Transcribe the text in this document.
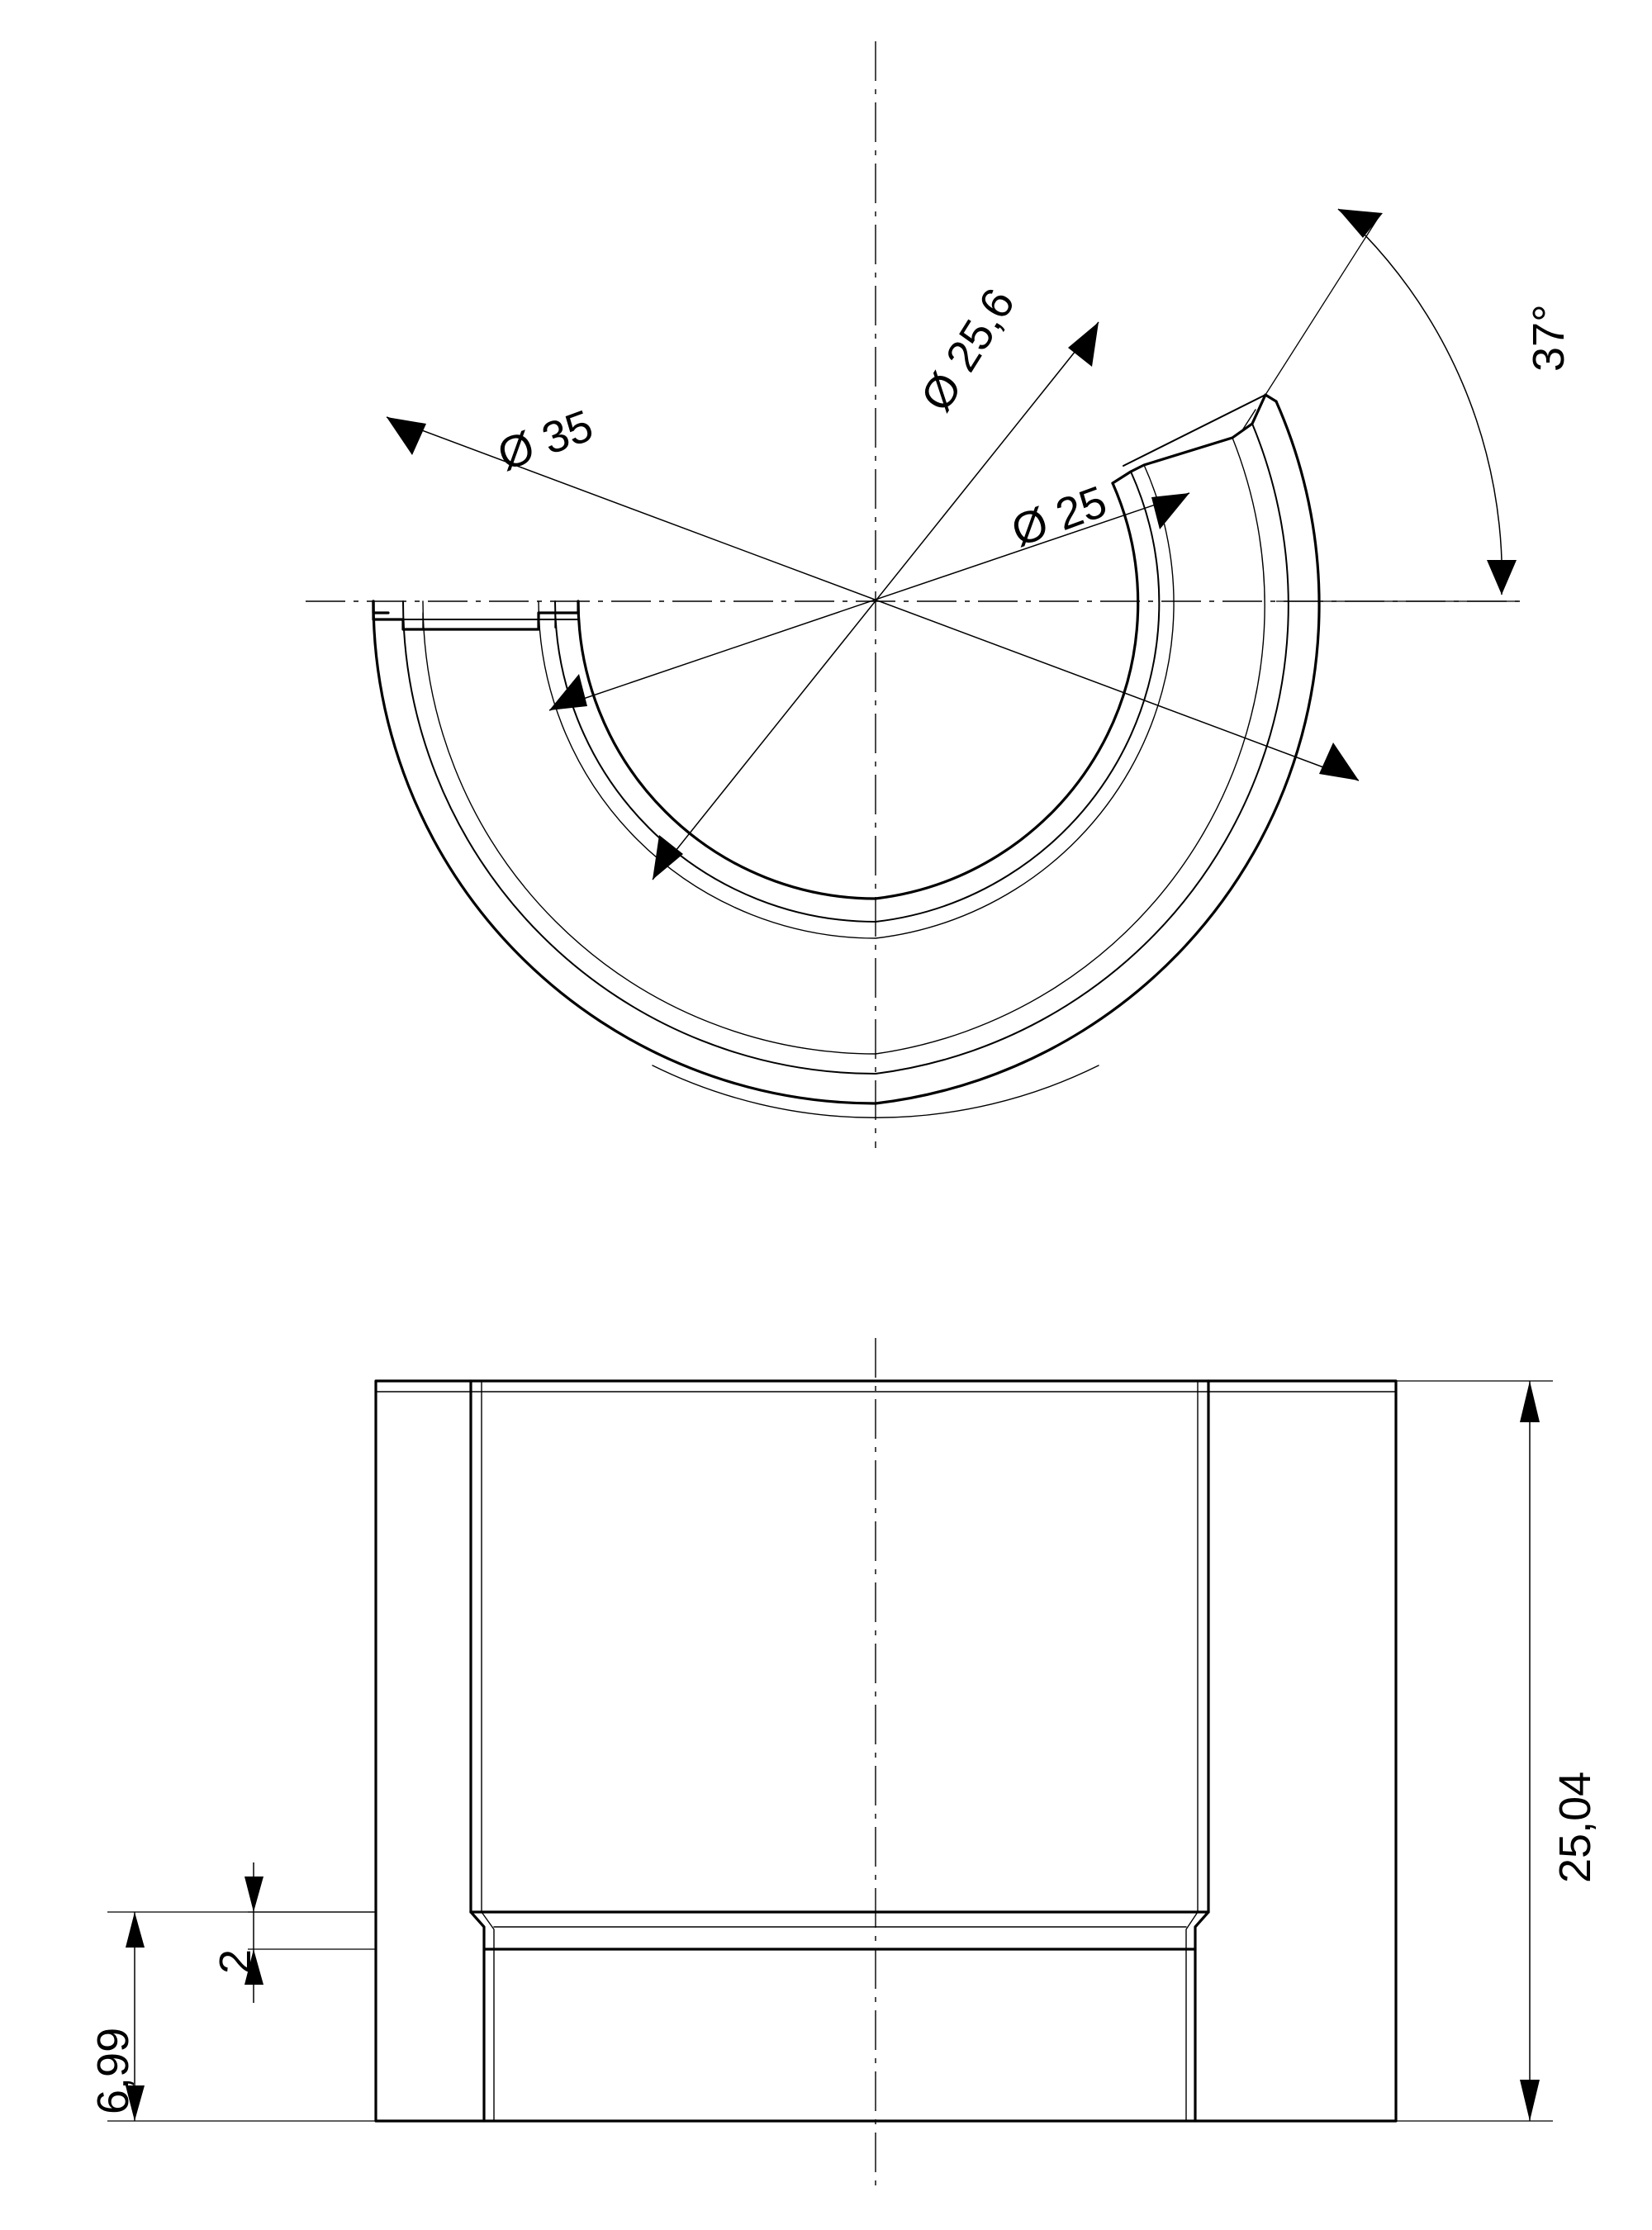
Ø 35
Ø 25,6
Ø 25
37°
25,04
6,99
2
